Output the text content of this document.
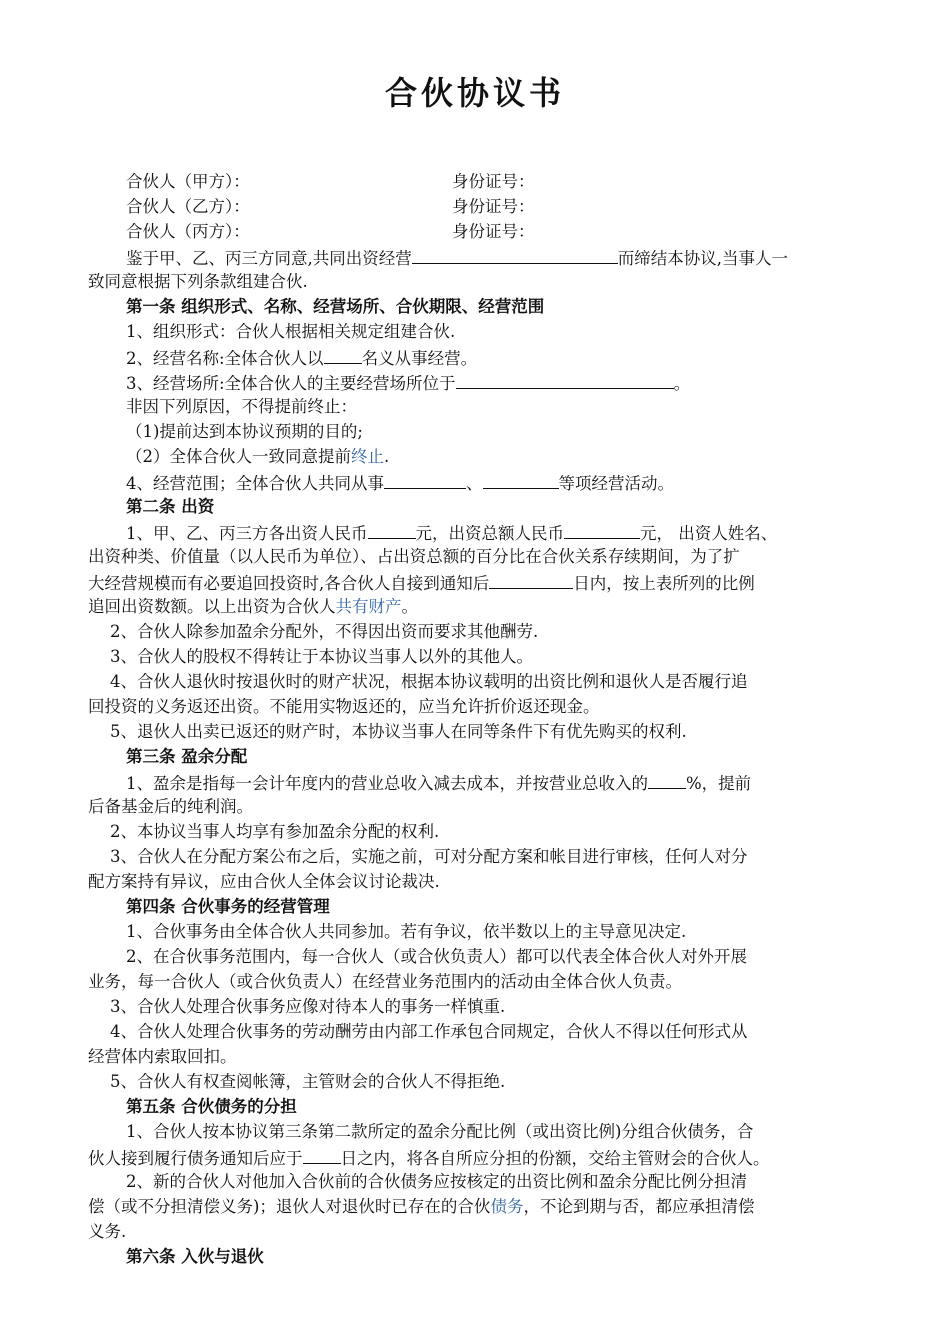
合伙协议书
合伙人（甲方）：	身份证号：
合伙人（乙方）：	身份证号：
合伙人（丙方）：	身份证号：
鉴于甲、乙、丙三方同意,共同出资经营	而缔结本协议,当事人一
致同意根据下列条款组建合伙.
第一条 组织形式、名称、经营场所、合伙期限、经营范围
1、组织形式：合伙人根据相关规定组建合伙.
2、经营名称:全体合伙人以 名义从事经营。
3、经营场所:全体合伙人的主要经营场所位于	。
非因下列原因，不得提前终止：
（1)提前达到本协议预期的目的;
（2）全体合伙人一致同意提前终止.
4、经营范围；全体合伙人共同从事	、	等项经营活动。
第二条 出资
1、甲、乙、丙三方各出资人民币	元，出资总额人民币	元， 出资人姓名、
出资种类、价值量（以人民币为单位）、占出资总额的百分比在合伙关系存续期间，为了扩
大经营规模而有必要追回投资时,各合伙人自接到通知后	日内，按上表所列的比例
追回出资数额。以上出资为合伙人共有财产。
2、合伙人除参加盈余分配外，不得因出资而要求其他酬劳.
3、合伙人的股权不得转让于本协议当事人以外的其他人。
4、合伙人退伙时按退伙时的财产状况，根据本协议载明的出资比例和退伙人是否履行追
回投资的义务返还出资。不能用实物返还的，应当允许折价返还现金。
5、退伙人出卖已返还的财产时，本协议当事人在同等条件下有优先购买的权利.
第三条 盈余分配
1、盈余是指每一会计年度内的营业总收入减去成本，并按营业总收入的 %，提前
后备基金后的纯利润。
2、本协议当事人均享有参加盈余分配的权利.
3、合伙人在分配方案公布之后，实施之前，可对分配方案和帐目进行审核，任何人对分
配方案持有异议，应由合伙人全体会议讨论裁决.
第四条 合伙事务的经营管理
1、合伙事务由全体合伙人共同参加。若有争议，依半数以上的主导意见决定.
2、在合伙事务范围内，每一合伙人（或合伙负责人）都可以代表全体合伙人对外开展
业务，每一合伙人（或合伙负责人）在经营业务范围内的活动由全体合伙人负责。
3、合伙人处理合伙事务应像对待本人的事务一样慎重.
4、合伙人处理合伙事务的劳动酬劳由内部工作承包合同规定，合伙人不得以任何形式从
经营体内索取回扣。
5、合伙人有权查阅帐簿，主管财会的合伙人不得拒绝.
第五条 合伙债务的分担
1、合伙人按本协议第三条第二款所定的盈余分配比例（或出资比例)分组合伙债务，合
伙人接到履行债务通知后应于 日之内，将各自所应分担的份额，交给主管财会的合伙人。
2、新的合伙人对他加入合伙前的合伙债务应按核定的出资比例和盈余分配比例分担清
偿（或不分担清偿义务)；退伙人对退伙时已存在的合伙债务，不论到期与否，都应承担清偿
义务.
第六条 入伙与退伙
